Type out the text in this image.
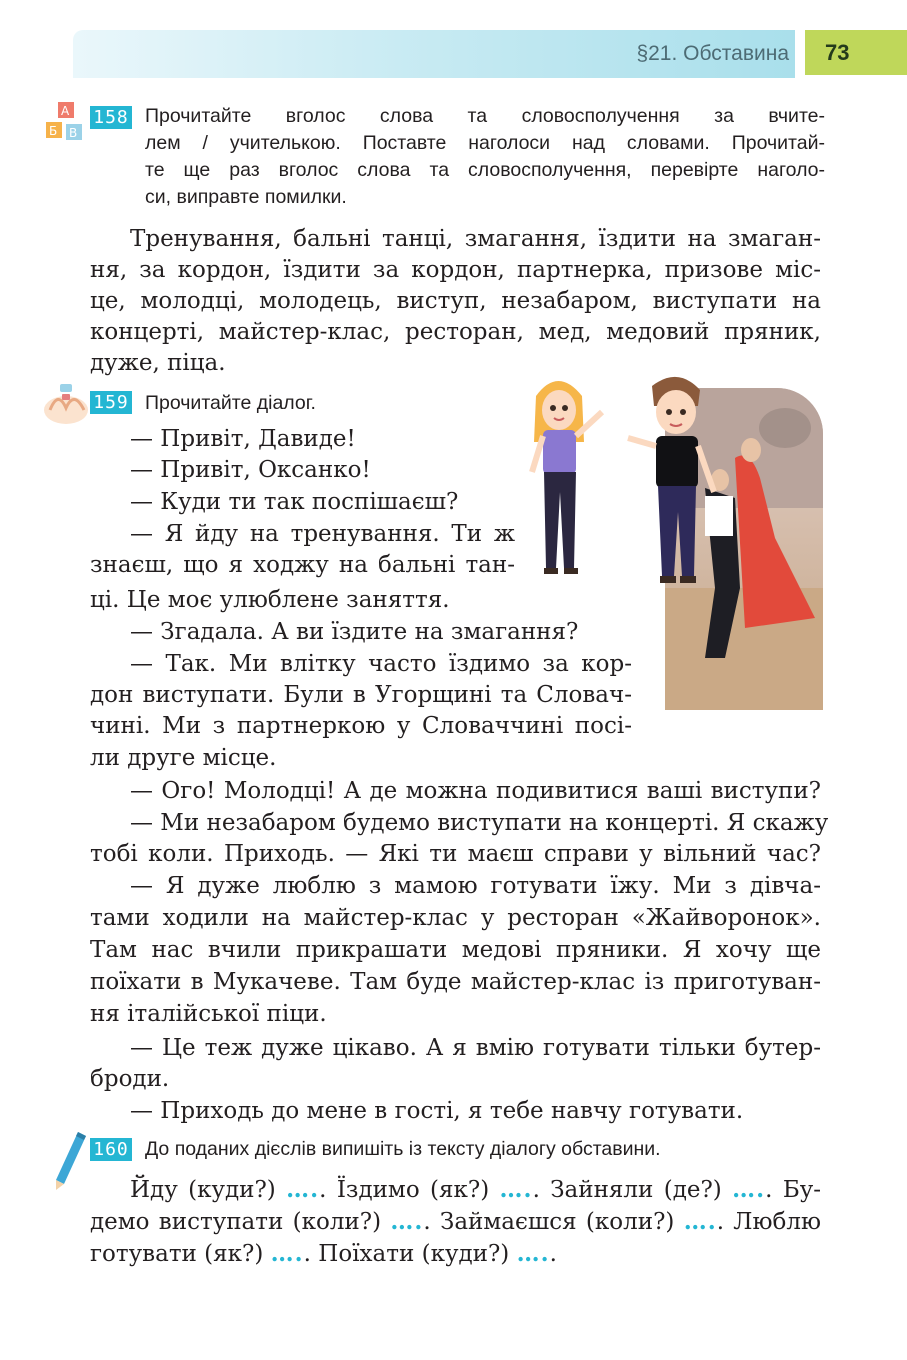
§21. Обставина	73
А
Б В
158 Прочитайте вголос слова та словосполучення за вчите-
лем / учителькою. Поставте наголоси над словами. Прочитай-
те ще раз вголос слова та словосполучення, перевірте наголо-
си, виправте помилки.
Тренування, бальні танці, змагання, їздити на змаган-
ня, за кордон, їздити за кордон, партнерка, призове міс-
це, молодці, молодець, виступ, незабаром, виступати на
концерті, майстер-клас, ресторан, мед, медовий пряник,
дуже, піца.
159 Прочитайте діалог.
— Привіт, Давиде!
— Привіт, Оксанко!
— Куди ти так поспішаєш?
— Я йду на тренування. Ти ж
знаєш, що я ходжу на бальні тан-
ці. Це моє улюблене заняття.
— Згадала. А ви їздите на змагання?
— Так. Ми влітку часто їздимо за кор-
дон виступати. Були в Угорщині та Словач-
чині. Ми з партнеркою у Словаччині посі-
ли друге місце.
— Ого! Молодці! А де можна подивитися ваші виступи?
— Ми незабаром будемо виступати на концерті. Я скажу
тобі коли. Приходь. — Які ти маєш справи у вільний час?
— Я дуже люблю з мамою готувати їжу. Ми з дівча-
тами ходили на майстер-клас у ресторан «Жайворонок».
Там нас вчили прикрашати медові пряники. Я хочу ще
поїхати в Мукачеве. Там буде майстер-клас із приготуван-
ня італійської піци.
— Це теж дуже цікаво. А я вмію готувати тільки бутер-
броди.
— Приходь до мене в гості, я тебе навчу готувати.
160 До поданих дієслів випишіть із тексту діалогу обставини.
Йду (куди?) ….. Їздимо (як?) ….. Зайняли (де?) ….. Бу-
демо виступати (коли?) ….. Займаєшся (коли?) ….. Люблю
готувати (як?) ….. Поїхати (куди?) …..
